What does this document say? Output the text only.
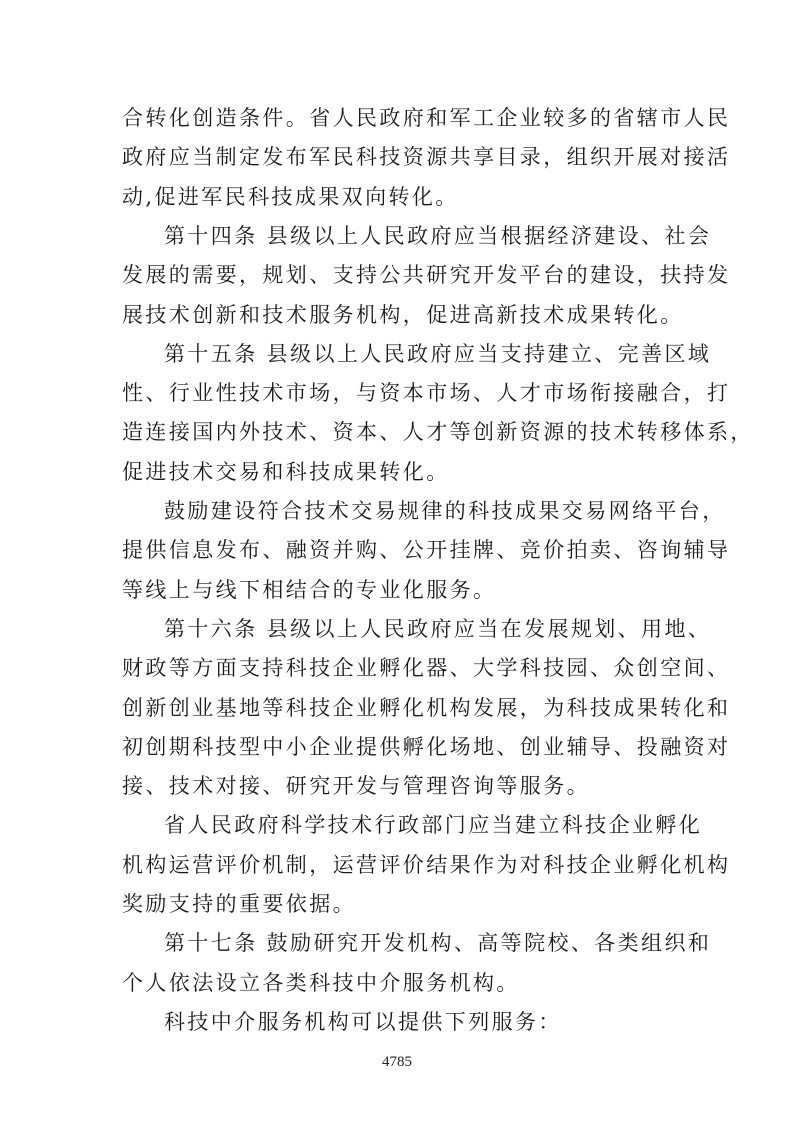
合转化创造条件。省人民政府和军工企业较多的省辖市人民
政府应当制定发布军民科技资源共享目录，组织开展对接活
动,促进军民科技成果双向转化。
第十四条 县级以上人民政府应当根据经济建设、社会
发展的需要，规划、支持公共研究开发平台的建设，扶持发
展技术创新和技术服务机构，促进高新技术成果转化。
第十五条 县级以上人民政府应当支持建立、完善区域
性、行业性技术市场，与资本市场、人才市场衔接融合，打
造连接国内外技术、资本、人才等创新资源的技术转移体系，
促进技术交易和科技成果转化。
鼓励建设符合技术交易规律的科技成果交易网络平台，
提供信息发布、融资并购、公开挂牌、竞价拍卖、咨询辅导
等线上与线下相结合的专业化服务。
第十六条 县级以上人民政府应当在发展规划、用地、
财政等方面支持科技企业孵化器、大学科技园、众创空间、
创新创业基地等科技企业孵化机构发展，为科技成果转化和
初创期科技型中小企业提供孵化场地、创业辅导、投融资对
接、技术对接、研究开发与管理咨询等服务。
省人民政府科学技术行政部门应当建立科技企业孵化
机构运营评价机制，运营评价结果作为对科技企业孵化机构
奖励支持的重要依据。
第十七条 鼓励研究开发机构、高等院校、各类组织和
个人依法设立各类科技中介服务机构。
科技中介服务机构可以提供下列服务：
4785
